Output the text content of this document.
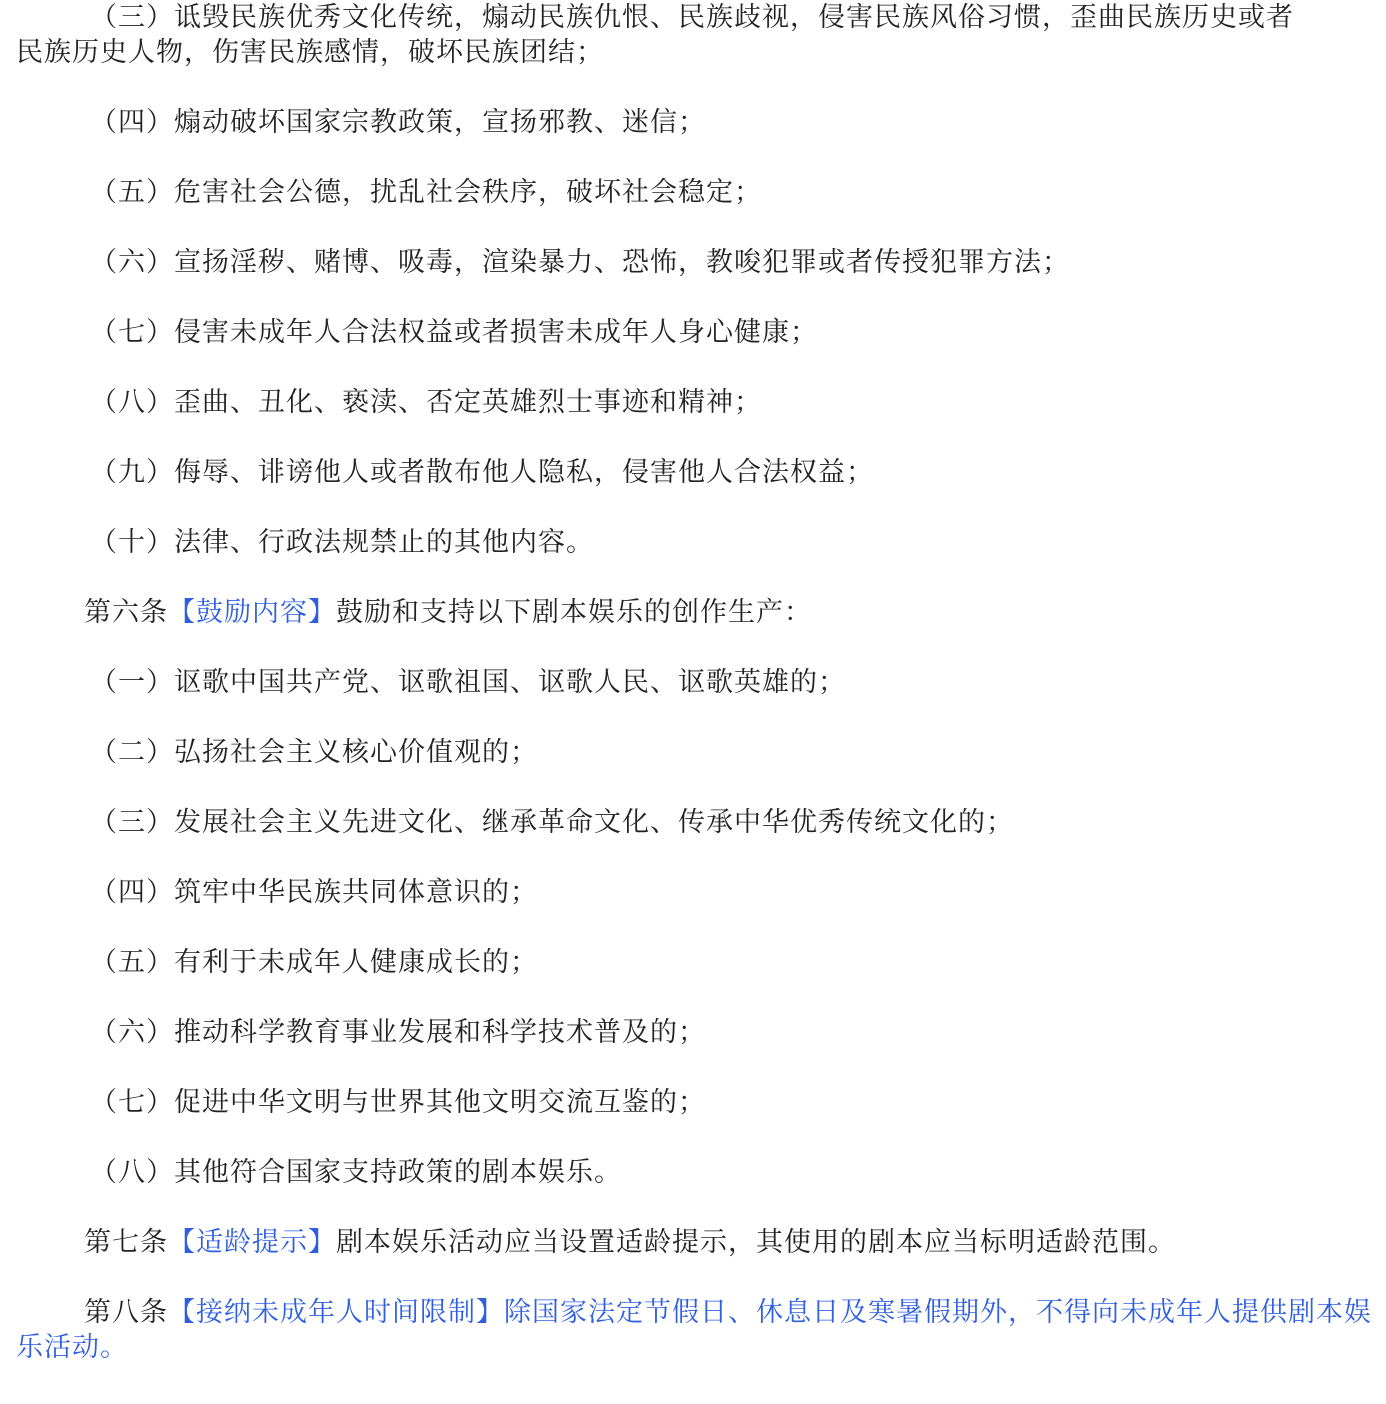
（三）诋毁民族优秀文化传统，煽动民族仇恨、民族歧视，侵害民族风俗习惯，歪曲民族历史或者

民族历史人物，伤害民族感情，破坏民族团结；

（四）煽动破坏国家宗教政策，宣扬邪教、迷信；

（五）危害社会公德，扰乱社会秩序，破坏社会稳定；

（六）宣扬淫秽、赌博、吸毒，渲染暴力、恐怖，教唆犯罪或者传授犯罪方法；

（七）侵害未成年人合法权益或者损害未成年人身心健康；

（八）歪曲、丑化、亵渎、否定英雄烈士事迹和精神；

（九）侮辱、诽谤他人或者散布他人隐私，侵害他人合法权益；

（十）法律、行政法规禁止的其他内容。

第六条【鼓励内容】鼓励和支持以下剧本娱乐的创作生产：

（一）讴歌中国共产党、讴歌祖国、讴歌人民、讴歌英雄的；

（二）弘扬社会主义核心价值观的；

（三）发展社会主义先进文化、继承革命文化、传承中华优秀传统文化的；

（四）筑牢中华民族共同体意识的；

（五）有利于未成年人健康成长的；

（六）推动科学教育事业发展和科学技术普及的；

（七）促进中华文明与世界其他文明交流互鉴的；

（八）其他符合国家支持政策的剧本娱乐。

第七条【适龄提示】剧本娱乐活动应当设置适龄提示，其使用的剧本应当标明适龄范围。

第八条【接纳未成年人时间限制】除国家法定节假日、休息日及寒暑假期外，不得向未成年人提供剧本娱乐活动。
